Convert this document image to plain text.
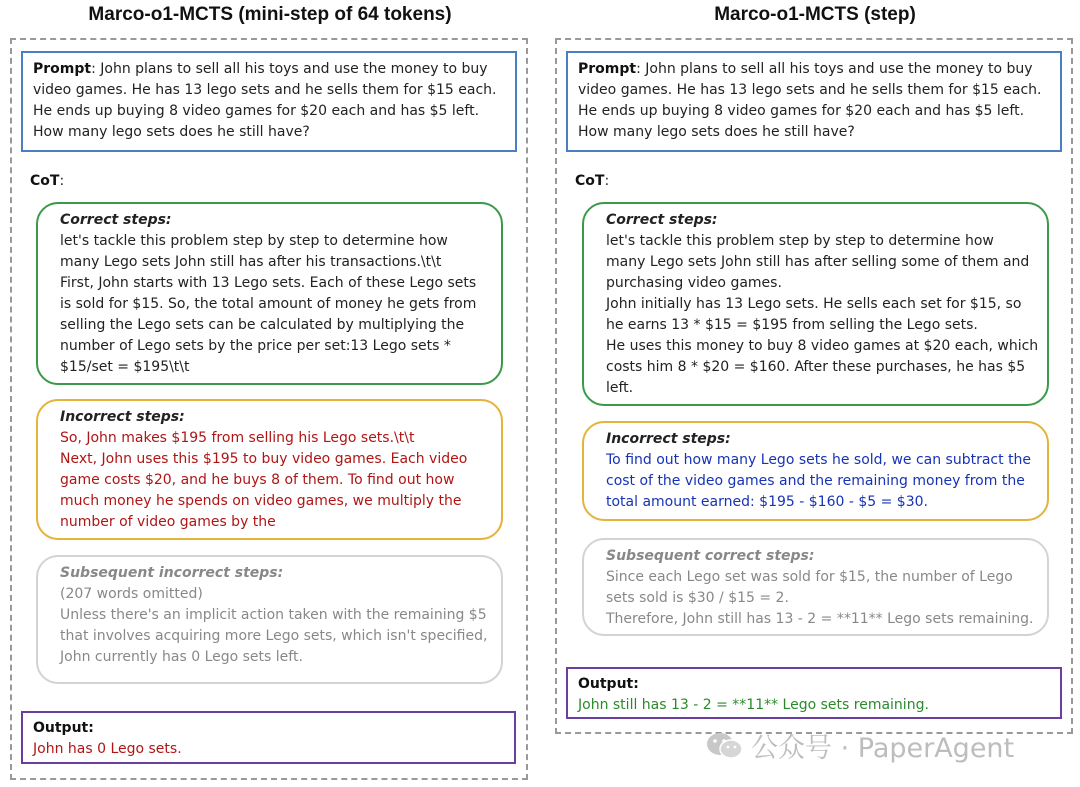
Marco-o1-MCTS (mini-step of 64 tokens)
Prompt: John plans to sell all his toys and use the money to buy
video games. He has 13 lego sets and he sells them for $15 each.
He ends up buying 8 video games for $20 each and has $5 left.
How many lego sets does he still have?
CoT:
Correct steps:
let's tackle this problem step by step to determine how
many Lego sets John still has after his transactions.\t\t
First, John starts with 13 Lego sets. Each of these Lego sets
is sold for $15. So, the total amount of money he gets from
selling the Lego sets can be calculated by multiplying the
number of Lego sets by the price per set:13 Lego sets *
$15/set = $195\t\t
Incorrect steps:
So, John makes $195 from selling his Lego sets.\t\t
Next, John uses this $195 to buy video games. Each video
game costs $20, and he buys 8 of them. To find out how
much money he spends on video games, we multiply the
number of video games by the
Subsequent incorrect steps:
(207 words omitted)
Unless there's an implicit action taken with the remaining $5
that involves acquiring more Lego sets, which isn't specified,
John currently has 0 Lego sets left.
Output:
John has 0 Lego sets.
Marco-o1-MCTS (step)
Prompt: John plans to sell all his toys and use the money to buy
video games. He has 13 lego sets and he sells them for $15 each.
He ends up buying 8 video games for $20 each and has $5 left.
How many lego sets does he still have?
CoT:
Correct steps:
let's tackle this problem step by step to determine how
many Lego sets John still has after selling some of them and
purchasing video games.
John initially has 13 Lego sets. He sells each set for $15, so
he earns 13 * $15 = $195 from selling the Lego sets.
He uses this money to buy 8 video games at $20 each, which
costs him 8 * $20 = $160. After these purchases, he has $5
left.
Incorrect steps:
To find out how many Lego sets he sold, we can subtract the
cost of the video games and the remaining money from the
total amount earned: $195 - $160 - $5 = $30.
Subsequent correct steps:
Since each Lego set was sold for $15, the number of Lego
sets sold is $30 / $15 = 2.
Therefore, John still has 13 - 2 = **11** Lego sets remaining.
Output:
John still has 13 - 2 = **11** Lego sets remaining.
公众号 · PaperAgent
